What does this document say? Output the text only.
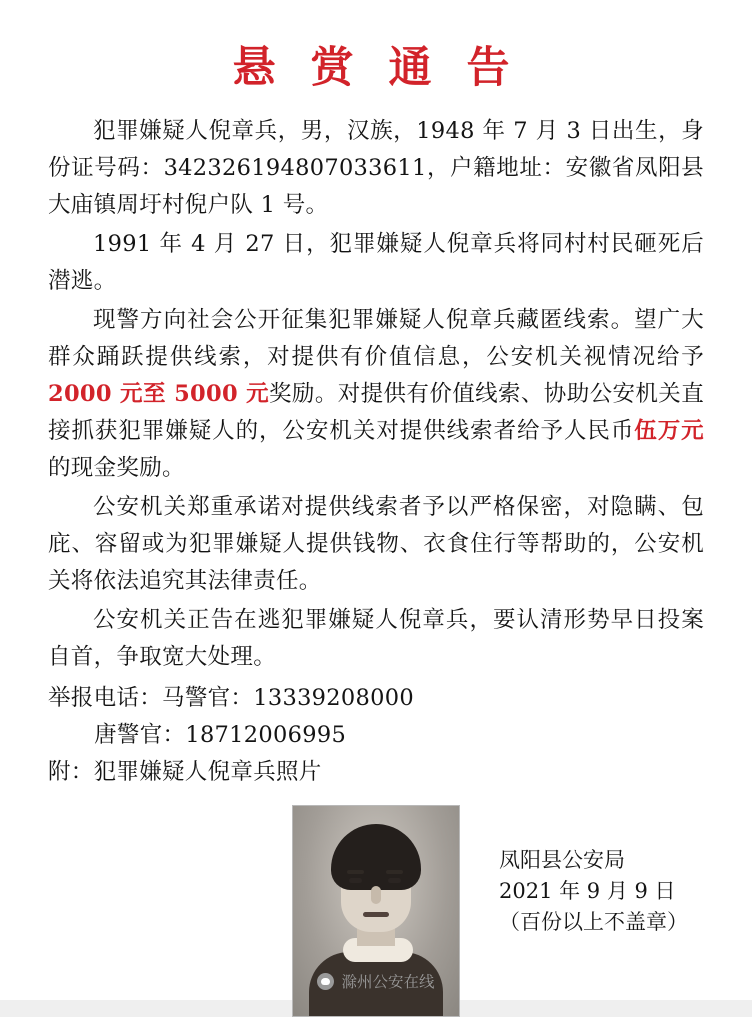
悬 赏 通 告

犯罪嫌疑人倪章兵，男，汉族，1948 年 7 月 3 日出生，身份证号码：342326194807033611，户籍地址：安徽省凤阳县大庙镇周圩村倪户队 1 号。

1991 年 4 月 27 日，犯罪嫌疑人倪章兵将同村村民砸死后潜逃。

现警方向社会公开征集犯罪嫌疑人倪章兵藏匿线索。望广大群众踊跃提供线索，对提供有价值信息，公安机关视情况给予2000 元至 5000 元奖励。对提供有价值线索、协助公安机关直接抓获犯罪嫌疑人的，公安机关对提供线索者给予人民币伍万元的现金奖励。

公安机关郑重承诺对提供线索者予以严格保密，对隐瞒、包庇、容留或为犯罪嫌疑人提供钱物、衣食住行等帮助的，公安机关将依法追究其法律责任。

公安机关正告在逃犯罪嫌疑人倪章兵，要认清形势早日投案自首，争取宽大处理。

举报电话：马警官：13339208000

唐警官：18712006995

附：犯罪嫌疑人倪章兵照片

凤阳县公安局
2021 年 9 月 9 日
（百份以上不盖章）
滁州公安在线
